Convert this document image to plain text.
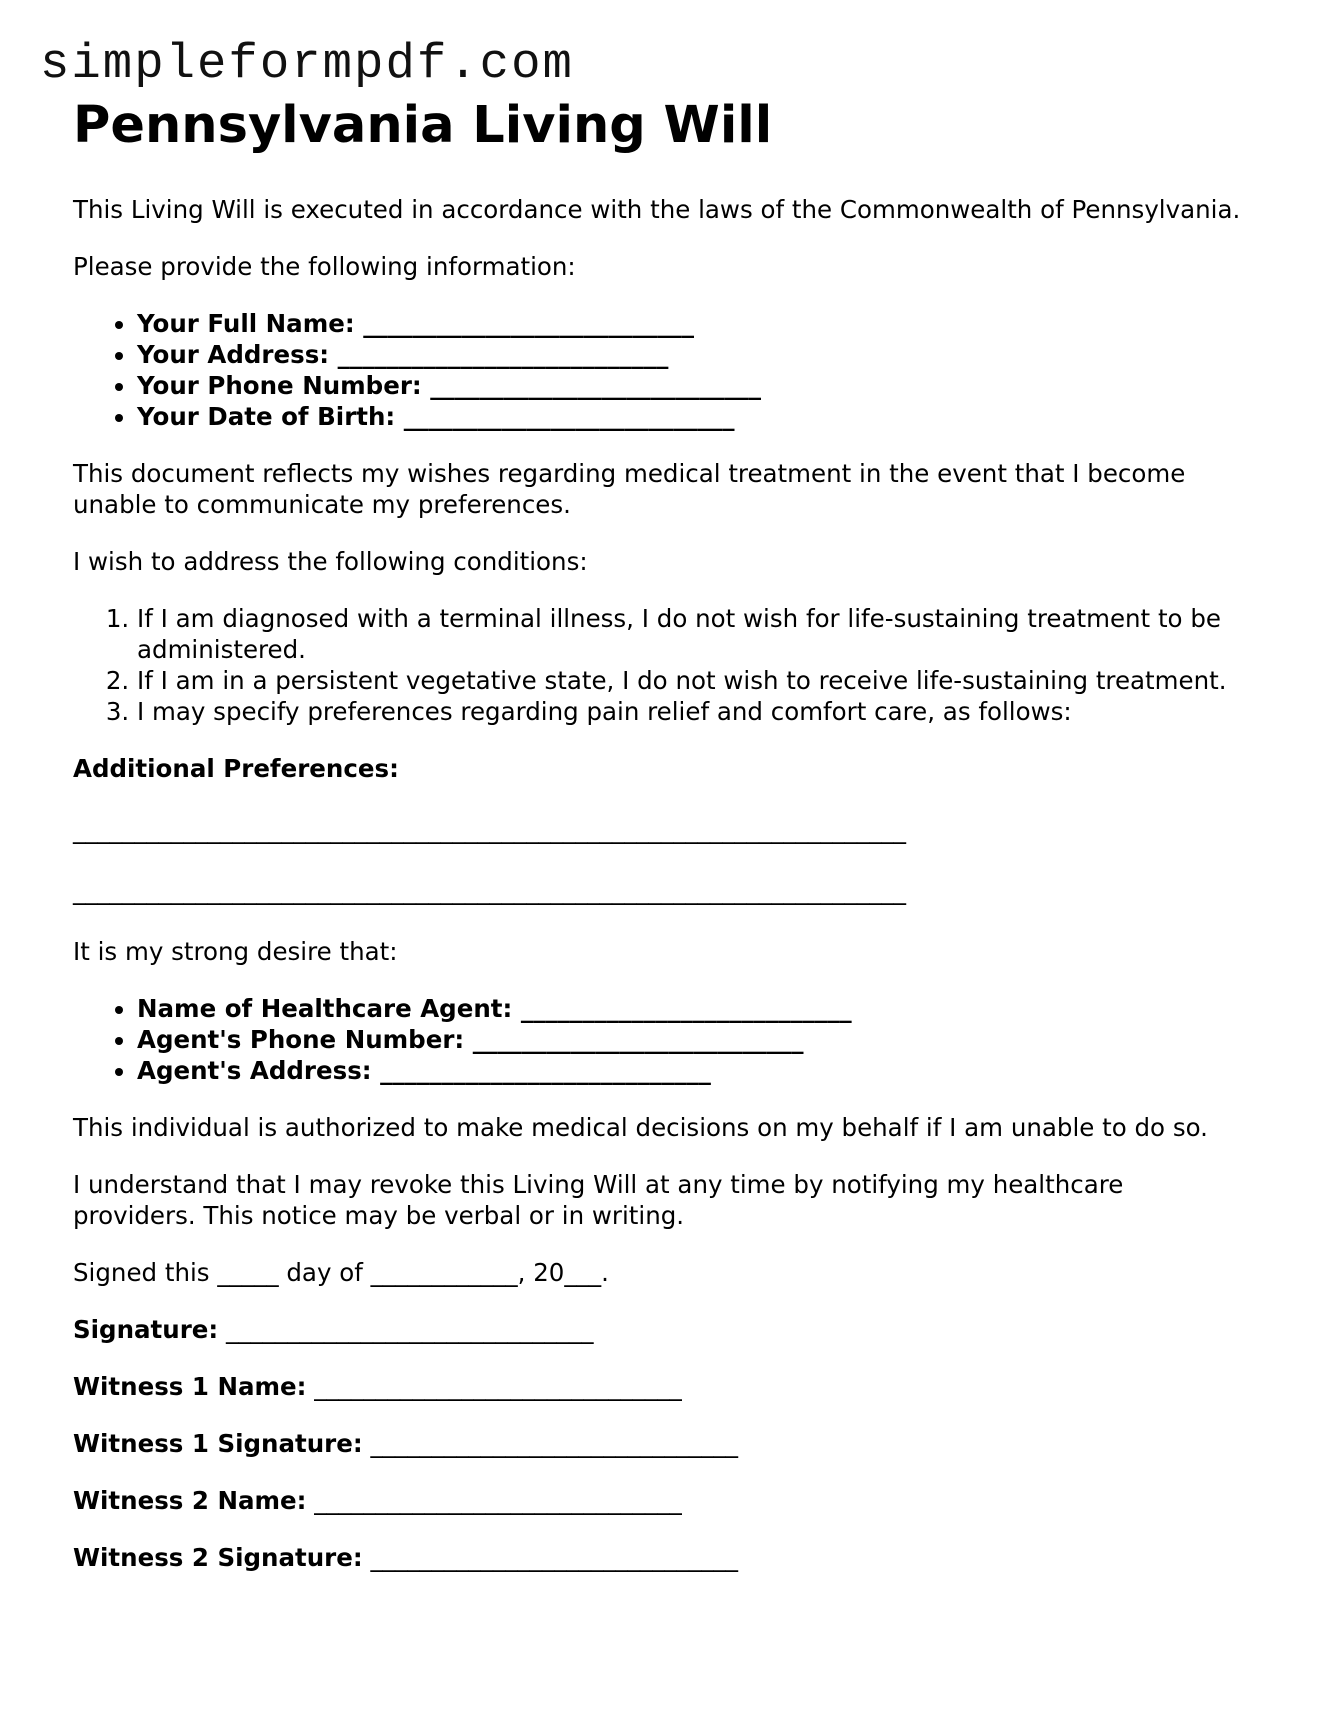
simpleformpdf.com
Pennsylvania Living Will

This Living Will is executed in accordance with the laws of the Commonwealth of Pennsylvania.

Please provide the following information:

• Your Full Name: ___________________________
• Your Address: ___________________________
• Your Phone Number: ___________________________
• Your Date of Birth: ___________________________

This document reflects my wishes regarding medical treatment in the event that I become unable to communicate my preferences.

I wish to address the following conditions:

1. If I am diagnosed with a terminal illness, I do not wish for life-sustaining treatment to be administered.
2. If I am in a persistent vegetative state, I do not wish to receive life-sustaining treatment.
3. I may specify preferences regarding pain relief and comfort care, as follows:

Additional Preferences:

____________________________________________________________________
____________________________________________________________________

It is my strong desire that:

• Name of Healthcare Agent: ___________________________
• Agent's Phone Number: ___________________________
• Agent's Address: ___________________________

This individual is authorized to make medical decisions on my behalf if I am unable to do so.

I understand that I may revoke this Living Will at any time by notifying my healthcare providers. This notice may be verbal or in writing.

Signed this _____ day of ____________, 20___.

Signature: ______________________________
Witness 1 Name: ______________________________
Witness 1 Signature: ______________________________
Witness 2 Name: ______________________________
Witness 2 Signature: ______________________________
